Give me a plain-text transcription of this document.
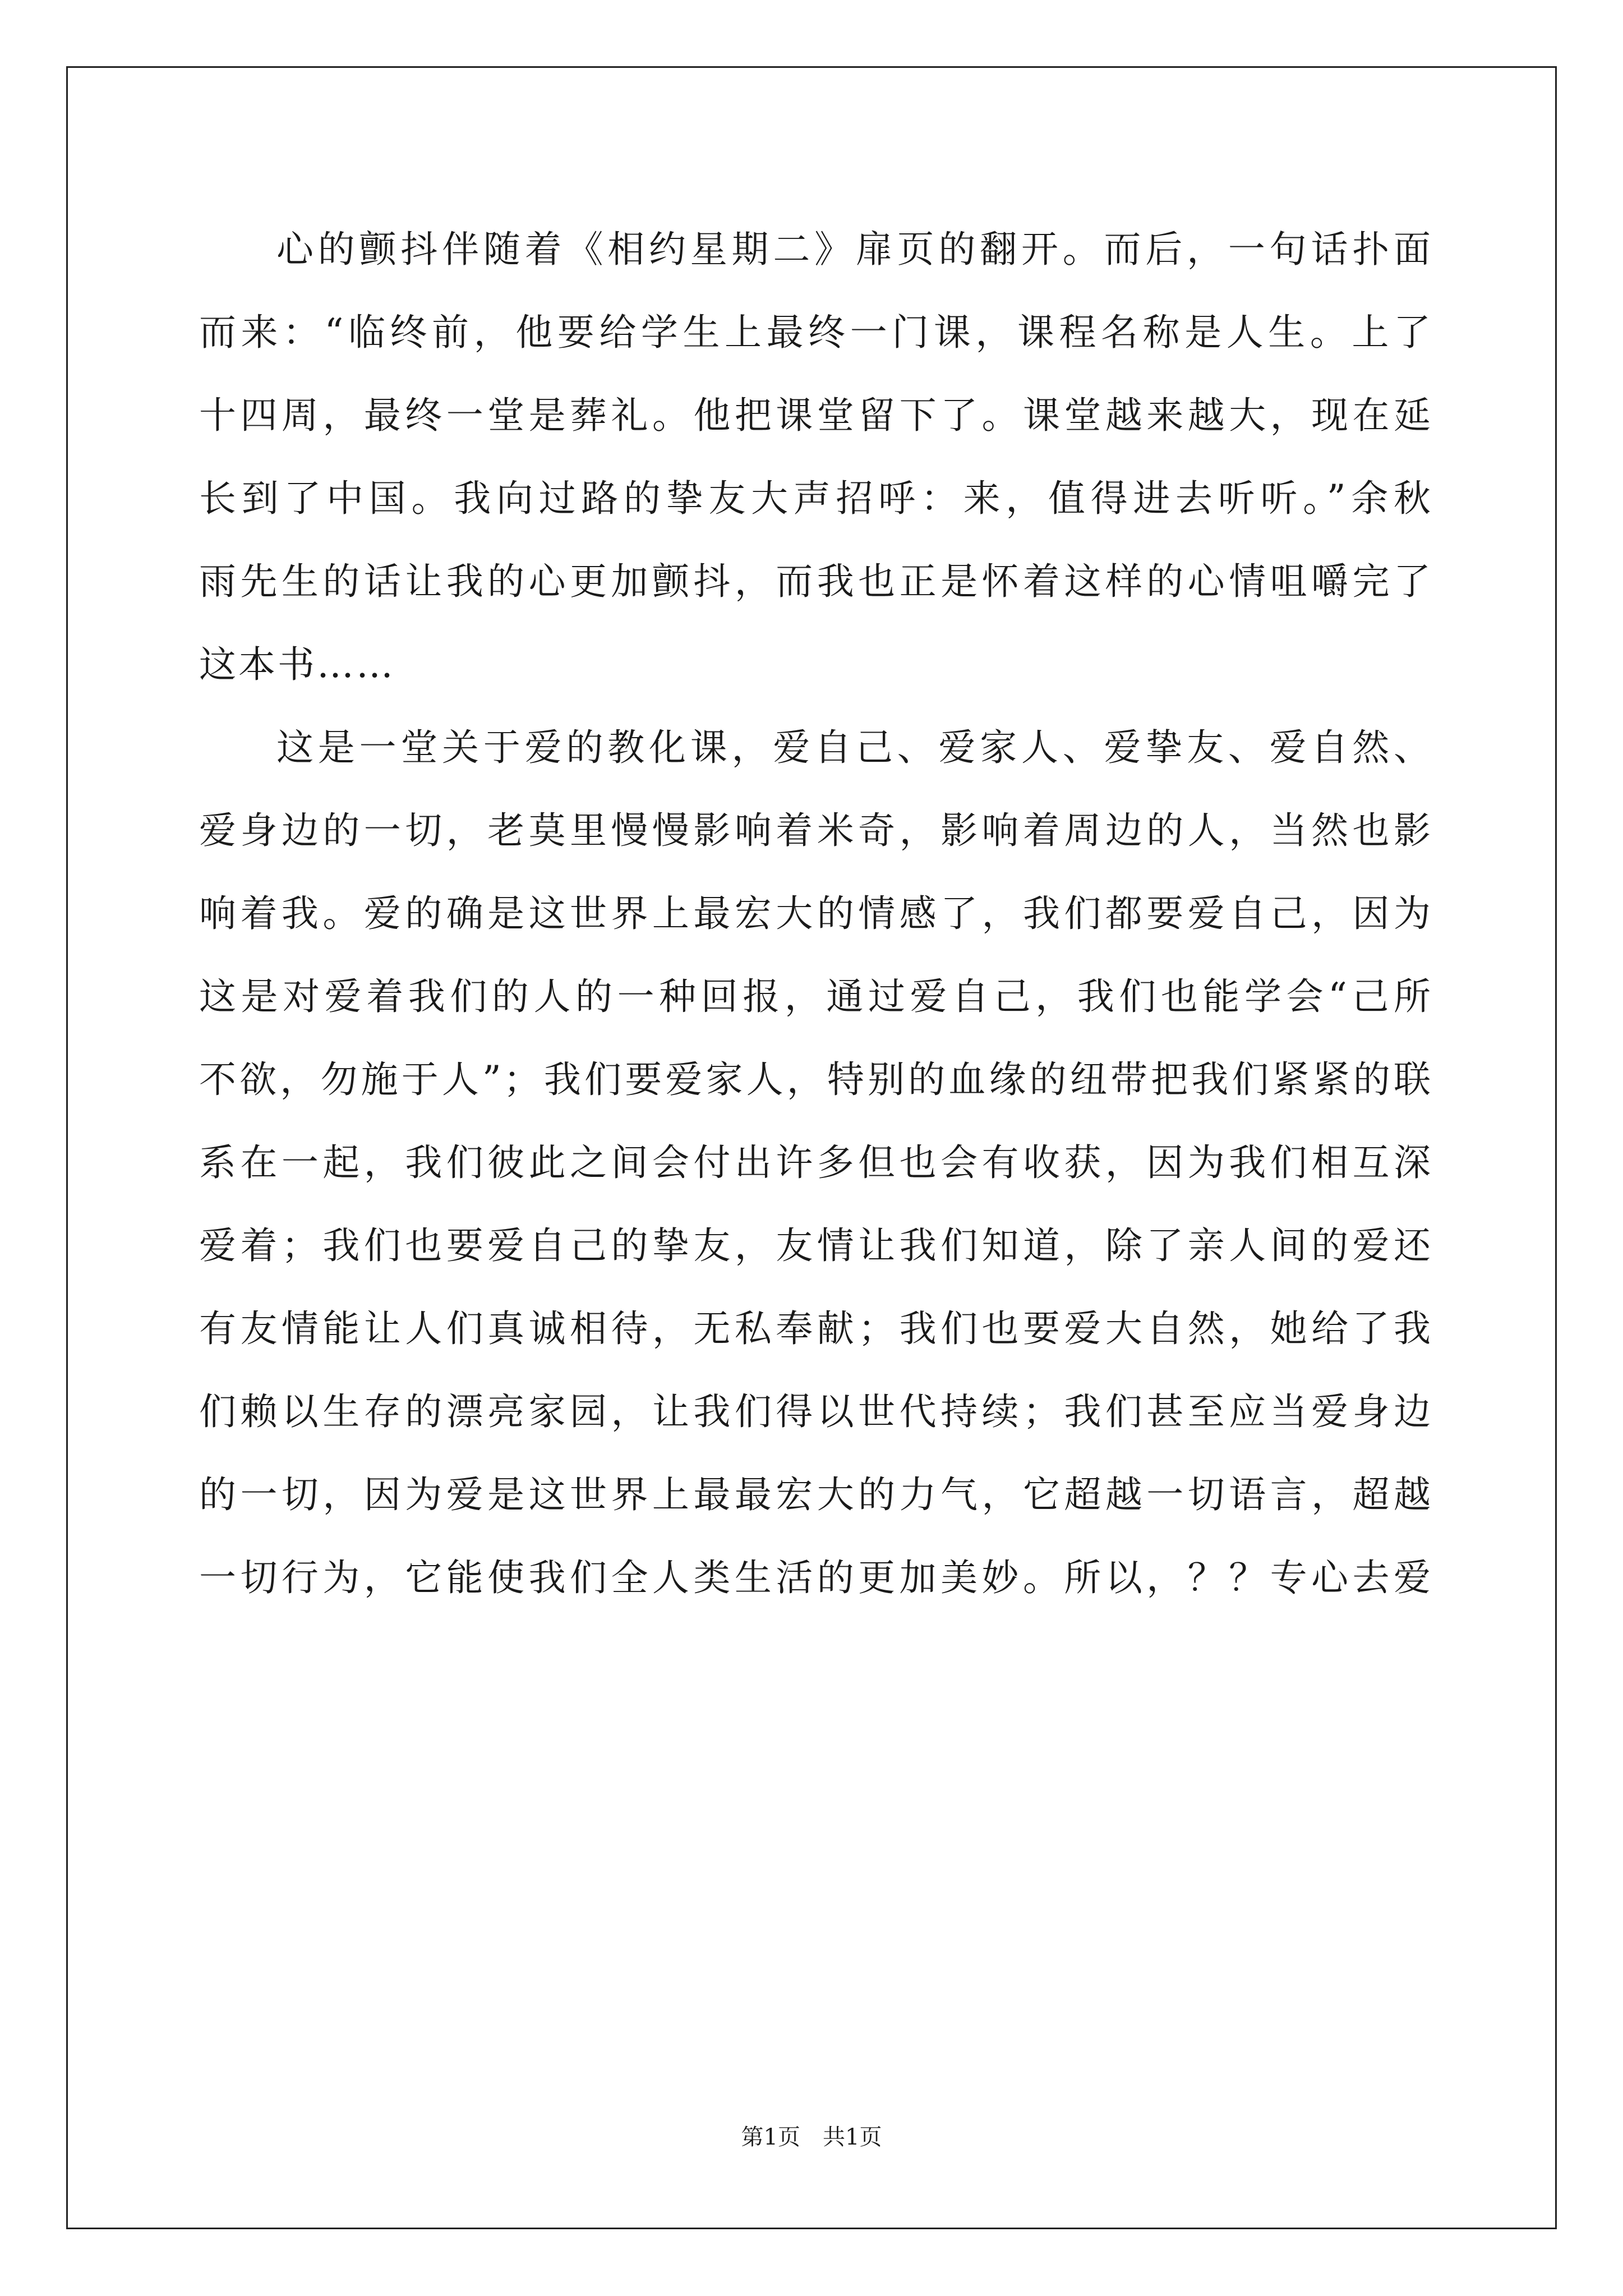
心的颤抖伴随着《相约星期二》扉页的翻开。而后，一句话扑面
而来：“临终前，他要给学生上最终一门课，课程名称是人生。上了
十四周，最终一堂是葬礼。他把课堂留下了。课堂越来越大，现在延
长到了中国。我向过路的挚友大声招呼：来，值得进去听听。”余秋
雨先生的话让我的心更加颤抖，而我也正是怀着这样的心情咀嚼完了
这本书……
这是一堂关于爱的教化课，爱自己、爱家人、爱挚友、爱自然、
爱身边的一切，老莫里慢慢影响着米奇，影响着周边的人，当然也影
响着我。爱的确是这世界上最宏大的情感了，我们都要爱自己，因为
这是对爱着我们的人的一种回报，通过爱自己，我们也能学会“己所
不欲，勿施于人”；我们要爱家人，特别的血缘的纽带把我们紧紧的联
系在一起，我们彼此之间会付出许多但也会有收获，因为我们相互深
爱着；我们也要爱自己的挚友，友情让我们知道，除了亲人间的爱还
有友情能让人们真诚相待，无私奉献；我们也要爱大自然，她给了我
们赖以生存的漂亮家园，让我们得以世代持续；我们甚至应当爱身边
的一切，因为爱是这世界上最最宏大的力气，它超越一切语言，超越
一切行为，它能使我们全人类生活的更加美妙。所以，？？专心去爱
第1页 共1页
